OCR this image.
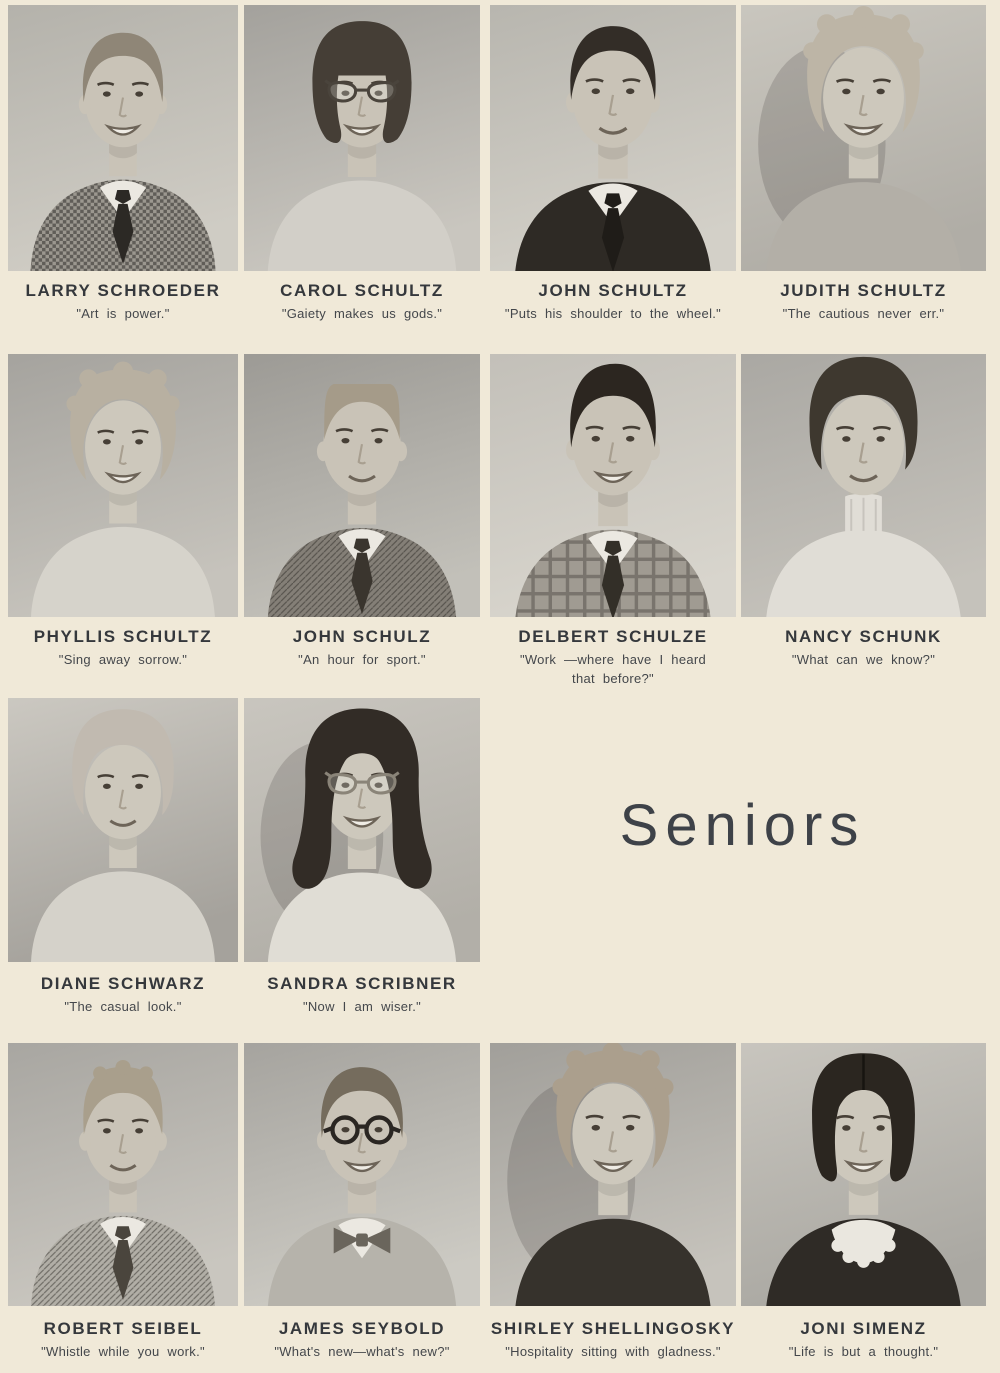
LARRY SCHROEDER
"Art is power."
CAROL SCHULTZ
"Gaiety makes us gods."
JOHN SCHULTZ
"Puts his shoulder to the wheel."
JUDITH SCHULTZ
"The cautious never err."
PHYLLIS SCHULTZ
"Sing away sorrow."
JOHN SCHULZ
"An hour for sport."
DELBERT SCHULZE
"Work —where have I heard that before?"
NANCY SCHUNK
"What can we know?"
DIANE SCHWARZ
"The casual look."
SANDRA SCRIBNER
"Now I am wiser."
Seniors
ROBERT SEIBEL
"Whistle while you work."
JAMES SEYBOLD
"What's new—what's new?"
SHIRLEY SHELLINGOSKY
"Hospitality sitting with gladness."
JONI SIMENZ
"Life is but a thought."
